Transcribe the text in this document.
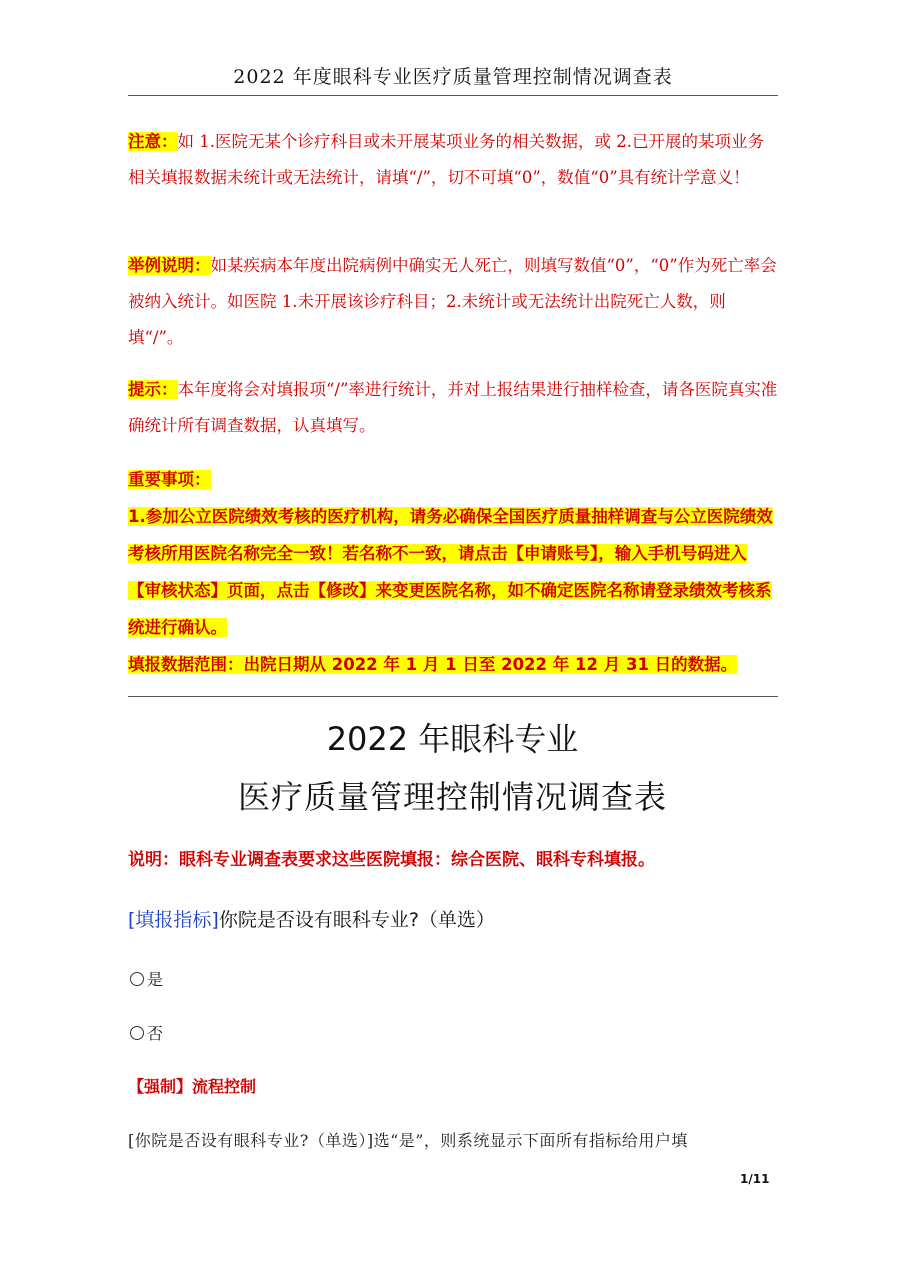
2022 年度眼科专业医疗质量管理控制情况调查表
注意：如 1.医院无某个诊疗科目或未开展某项业务的相关数据，或 2.已开展的某项业务相关填报数据未统计或无法统计，请填“/”，切不可填“0”，数值“0”具有统计学意义！
举例说明：如某疾病本年度出院病例中确实无人死亡，则填写数值“0”，“0”作为死亡率会被纳入统计。如医院 1.未开展该诊疗科目；2.未统计或无法统计出院死亡人数，则填“/”。
提示：本年度将会对填报项“/”率进行统计，并对上报结果进行抽样检查，请各医院真实准确统计所有调查数据，认真填写。
重要事项：
1.参加公立医院绩效考核的医疗机构，请务必确保全国医疗质量抽样调查与公立医院绩效考核所用医院名称完全一致！若名称不一致，请点击【申请账号】，输入手机号码进入【审核状态】页面，点击【修改】来变更医院名称，如不确定医院名称请登录绩效考核系统进行确认。
填报数据范围：出院日期从 2022 年 1 月 1 日至 2022 年 12 月 31 日的数据。
2022 年眼科专业
医疗质量管理控制情况调查表
说明：眼科专业调查表要求这些医院填报：综合医院、眼科专科填报。
[填报指标]你院是否设有眼科专业?（单选）
是
否
【强制】流程控制
[你院是否设有眼科专业?（单选）]选“是”，则系统显示下面所有指标给用户填
1/11
